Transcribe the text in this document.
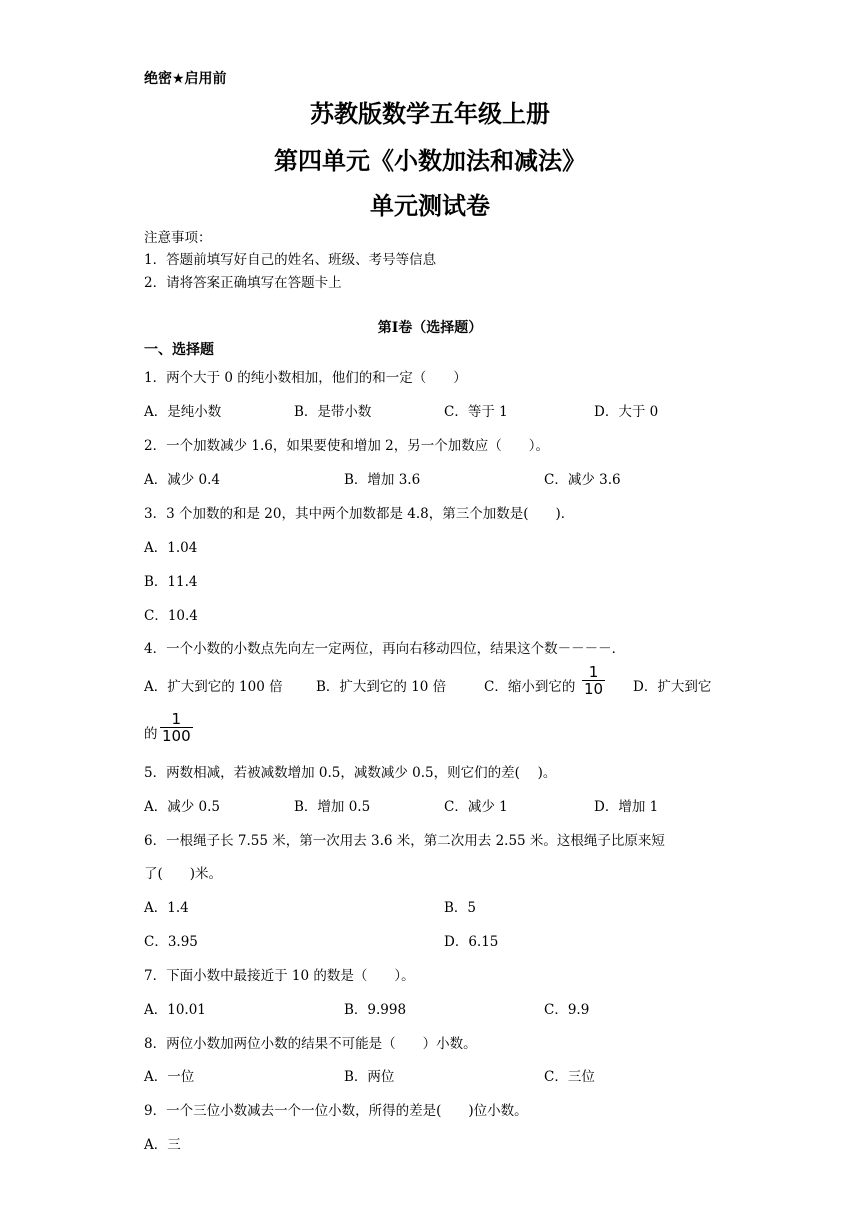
绝密★启用前
苏教版数学五年级上册
第四单元《小数加法和减法》
单元测试卷
注意事项：
1．答题前填写好自己的姓名、班级、考号等信息
2．请将答案正确填写在答题卡上
第Ⅰ卷（选择题）
一、选择题
1．两个大于 0 的纯小数相加，他们的和一定（　　）
A．是纯小数	B．是带小数	C．等于 1	D．大于 0
2．一个加数减少 1.6，如果要使和增加 2，另一个加数应（　　）。
A．减少 0.4	B．增加 3.6	C．减少 3.6
3．3 个加数的和是 20，其中两个加数都是 4.8，第三个加数是(　　)．
A．1.04
B．11.4
C．10.4
4．一个小数的小数点先向左一定两位，再向右移动四位，结果这个数－－－－．
A．扩大到它的 100 倍 B．扩大到它的 10 倍	C．缩小到它的 $\frac{1}{10}$ D．扩大到它
的 $\frac{1}{100}$
5．两数相减，若被减数增加 0.5，减数减少 0.5，则它们的差(　 )。
A．减少 0.5	B．增加 0.5	C．减少 1	D．增加 1
6．一根绳子长 7.55 米，第一次用去 3.6 米，第二次用去 2.55 米。这根绳子比原来短
了(　　)米。
A．1.4	B．5
C．3.95	D．6.15
7．下面小数中最接近于 10 的数是（　　）。
A．10.01	B．9.998	C．9.9
8．两位小数加两位小数的结果不可能是（　　）小数。
A．一位	B．两位	C．三位
9．一个三位小数减去一个一位小数，所得的差是(　　)位小数。
A．三
